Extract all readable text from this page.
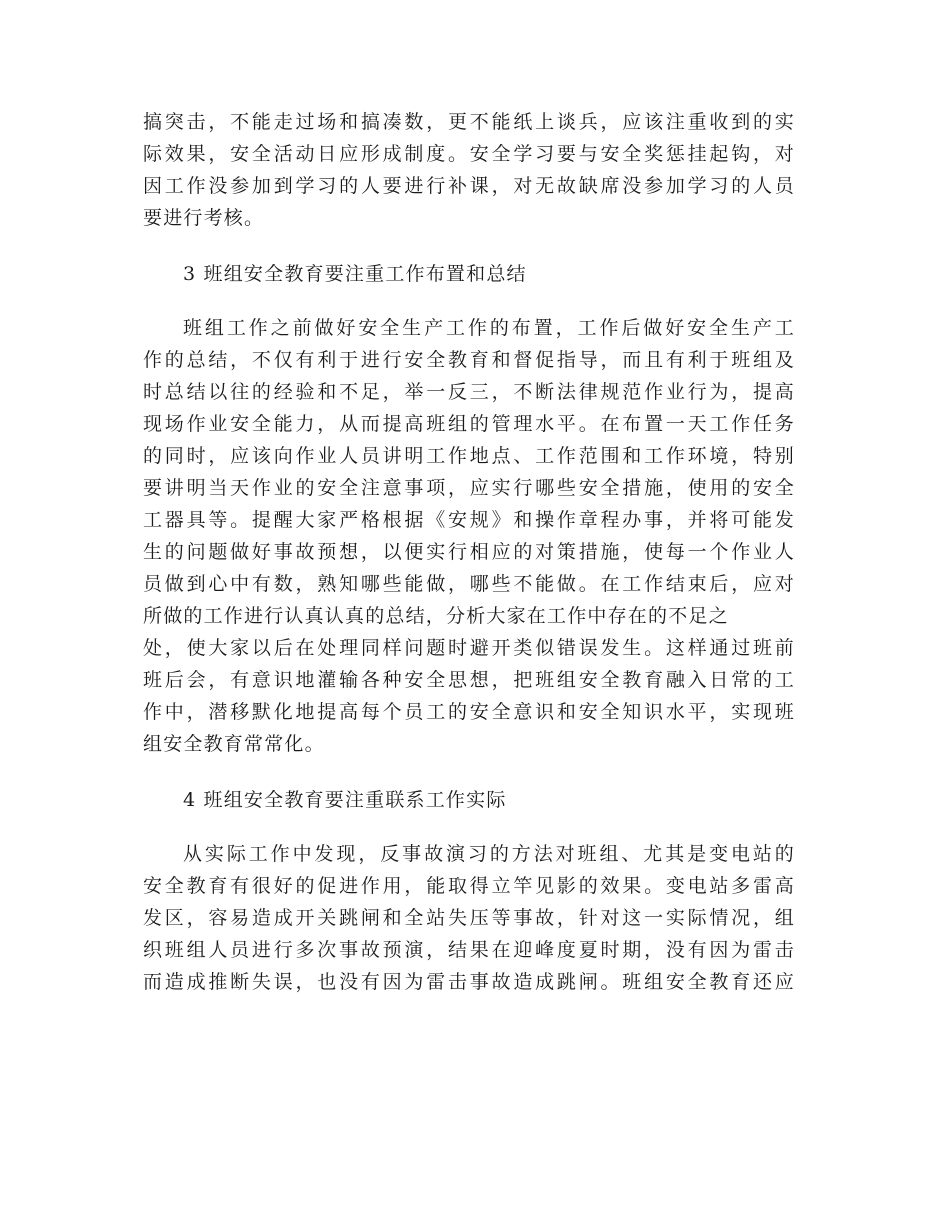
搞突击，不能走过场和搞凑数，更不能纸上谈兵，应该注重收到的实
际效果，安全活动日应形成制度。安全学习要与安全奖惩挂起钩，对
因工作没参加到学习的人要进行补课，对无故缺席没参加学习的人员
要进行考核。
3 班组安全教育要注重工作布置和总结
班组工作之前做好安全生产工作的布置，工作后做好安全生产工
作的总结，不仅有利于进行安全教育和督促指导，而且有利于班组及
时总结以往的经验和不足，举一反三，不断法律规范作业行为，提高
现场作业安全能力，从而提高班组的管理水平。在布置一天工作任务
的同时，应该向作业人员讲明工作地点、工作范围和工作环境，特别
要讲明当天作业的安全注意事项，应实行哪些安全措施，使用的安全
工器具等。提醒大家严格根据《安规》和操作章程办事，并将可能发
生的问题做好事故预想，以便实行相应的对策措施，使每一个作业人
员做到心中有数，熟知哪些能做，哪些不能做。在工作结束后，应对
所做的工作进行认真认真的总结，分析大家在工作中存在的不足之
处，使大家以后在处理同样问题时避开类似错误发生。这样通过班前
班后会，有意识地灌输各种安全思想，把班组安全教育融入日常的工
作中，潜移默化地提高每个员工的安全意识和安全知识水平，实现班
组安全教育常常化。
4 班组安全教育要注重联系工作实际
从实际工作中发现，反事故演习的方法对班组、尤其是变电站的
安全教育有很好的促进作用，能取得立竿见影的效果。变电站多雷高
发区，容易造成开关跳闸和全站失压等事故，针对这一实际情况，组
织班组人员进行多次事故预演，结果在迎峰度夏时期，没有因为雷击
而造成推断失误，也没有因为雷击事故造成跳闸。班组安全教育还应
